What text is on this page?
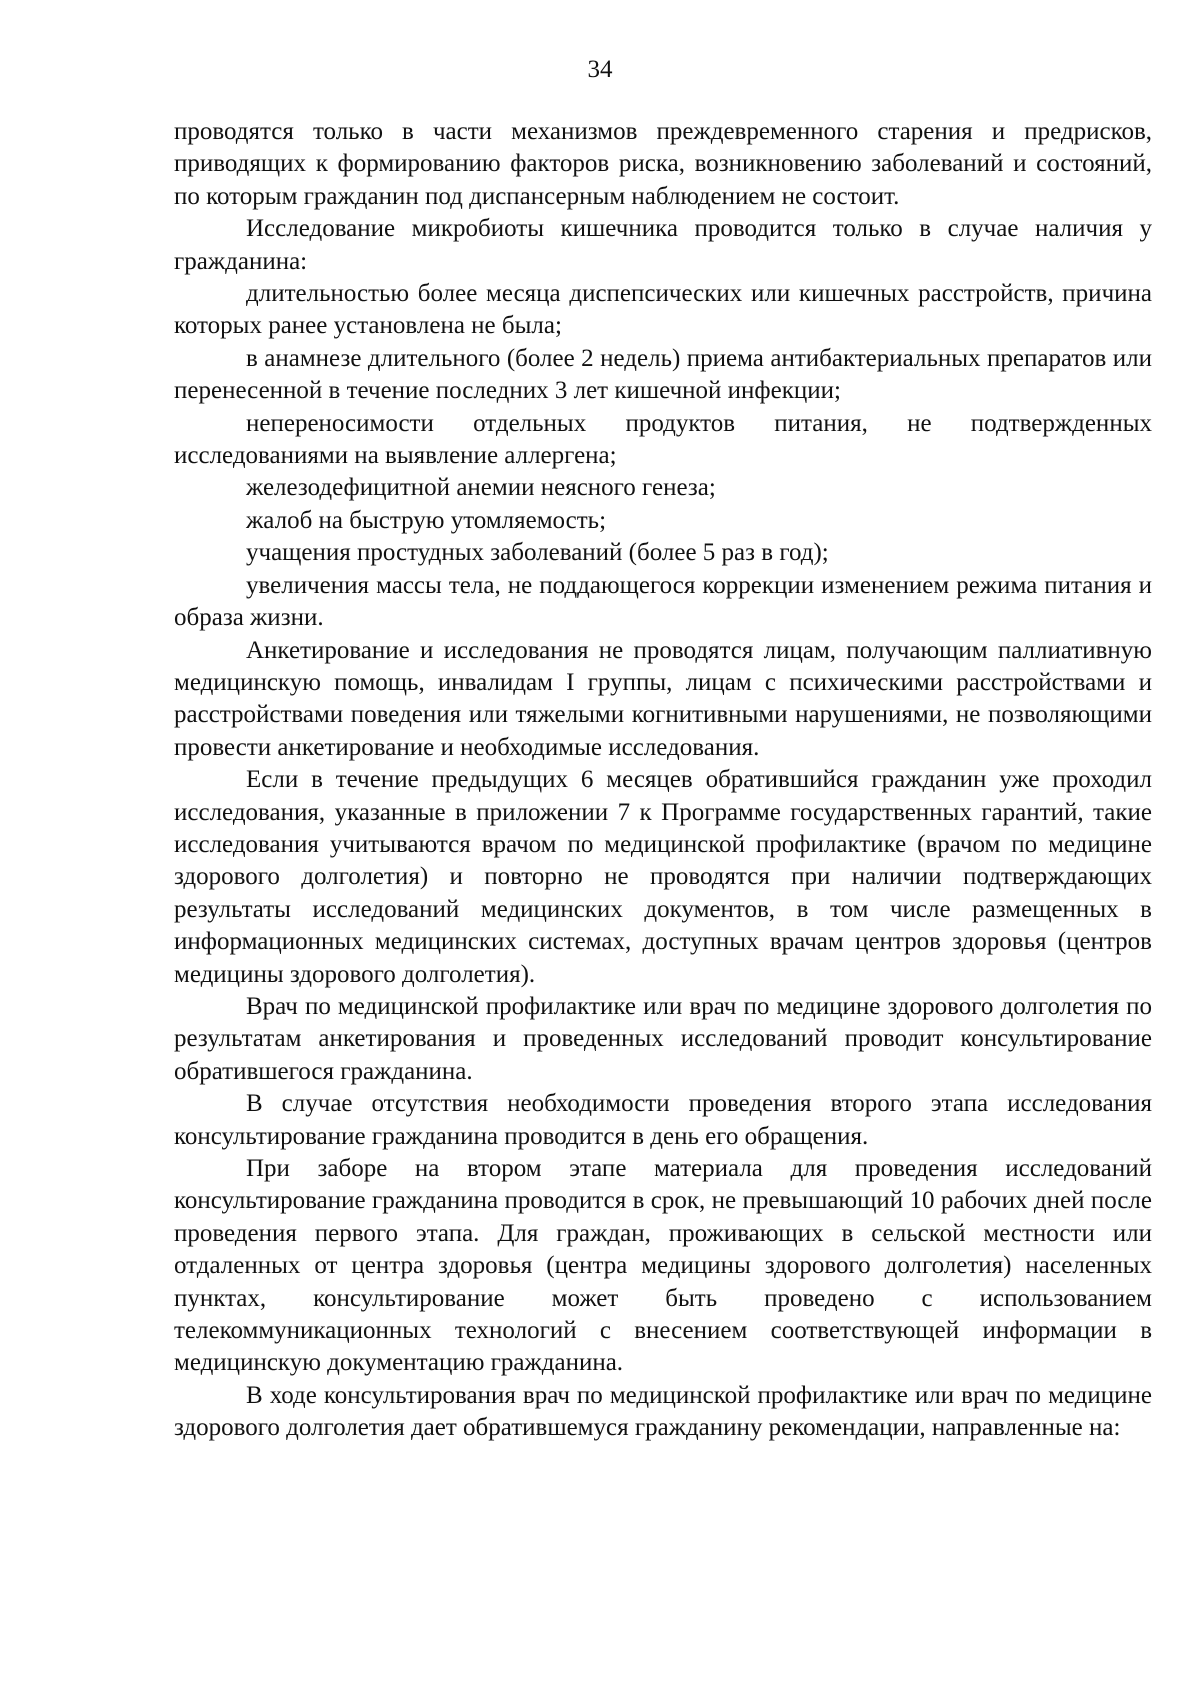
34

проводятся только в части механизмов преждевременного старения и предрисков, приводящих к формированию факторов риска, возникновению заболеваний и состояний, по которым гражданин под диспансерным наблюдением не состоит.

Исследование микробиоты кишечника проводится только в случае наличия у гражданина:

длительностью более месяца диспепсических или кишечных расстройств, причина которых ранее установлена не была;

в анамнезе длительного (более 2 недель) приема антибактериальных препаратов или перенесенной в течение последних 3 лет кишечной инфекции;

непереносимости отдельных продуктов питания, не подтвержденных исследованиями на выявление аллергена;

железодефицитной анемии неясного генеза;

жалоб на быструю утомляемость;

учащения простудных заболеваний (более 5 раз в год);

увеличения массы тела, не поддающегося коррекции изменением режима питания и образа жизни.

Анкетирование и исследования не проводятся лицам, получающим паллиативную медицинскую помощь, инвалидам I группы, лицам с психическими расстройствами и расстройствами поведения или тяжелыми когнитивными нарушениями, не позволяющими провести анкетирование и необходимые исследования.

Если в течение предыдущих 6 месяцев обратившийся гражданин уже проходил исследования, указанные в приложении 7 к Программе государственных гарантий, такие исследования учитываются врачом по медицинской профилактике (врачом по медицине здорового долголетия) и повторно не проводятся при наличии подтверждающих результаты исследований медицинских документов, в том числе размещенных в информационных медицинских системах, доступных врачам центров здоровья (центров медицины здорового долголетия).

Врач по медицинской профилактике или врач по медицине здорового долголетия по результатам анкетирования и проведенных исследований проводит консультирование обратившегося гражданина.

В случае отсутствия необходимости проведения второго этапа исследования консультирование гражданина проводится в день его обращения.

При заборе на втором этапе материала для проведения исследований консультирование гражданина проводится в срок, не превышающий 10 рабочих дней после проведения первого этапа. Для граждан, проживающих в сельской местности или отдаленных от центра здоровья (центра медицины здорового долголетия) населенных пунктах, консультирование может быть проведено с использованием телекоммуникационных технологий с внесением соответствующей информации в медицинскую документацию гражданина.

В ходе консультирования врач по медицинской профилактике или врач по медицине здорового долголетия дает обратившемуся гражданину рекомендации, направленные на:
